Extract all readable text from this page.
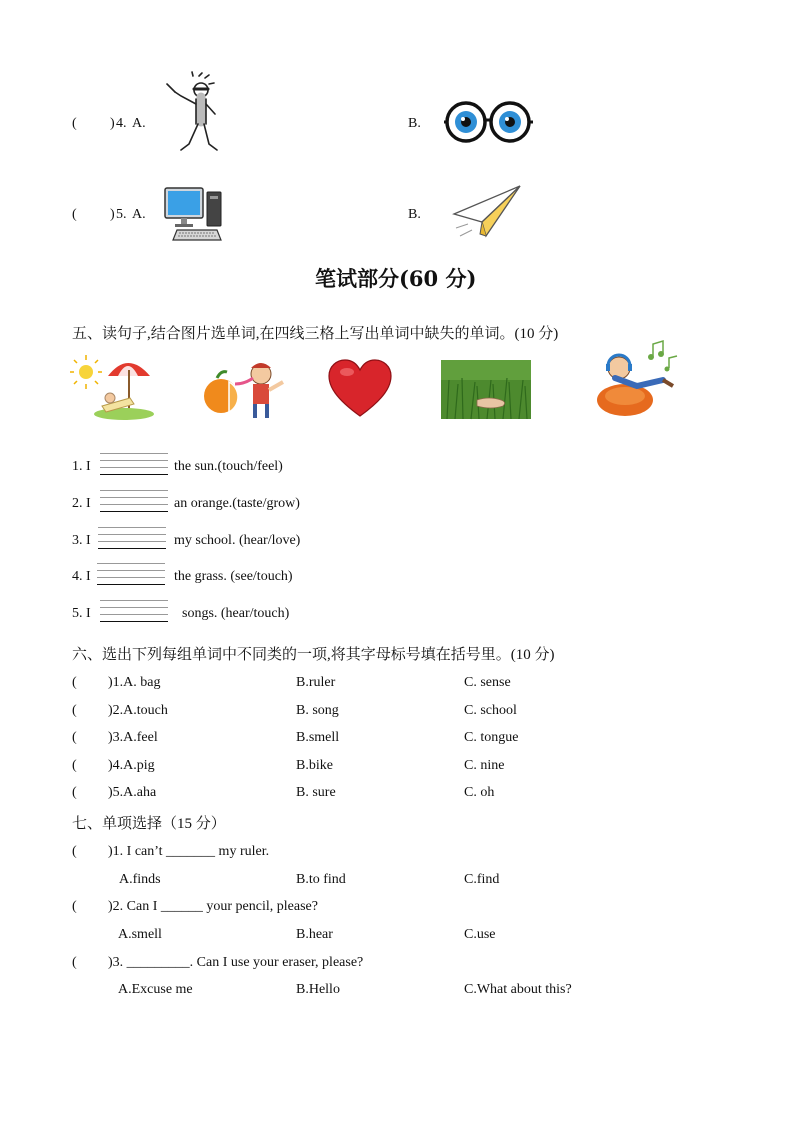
( ) 4. A.	B.
( ) 5. A.	B.
笔试部分(60 分)
五、读句子,结合图片选单词,在四线三格上写出单词中缺失的单词。(10 分)
1. I	the sun.(touch/feel)
2. I	an orange.(taste/grow)
3. I	my school. (hear/love)
4. I	the grass. (see/touch)
5. I	songs. (hear/touch)
六、选出下列每组单词中不同类的一项,将其字母标号填在括号里。(10 分)
( )1.A. bag	B.ruler	C. sense
( )2.A.touch	B. song	C. school
( )3.A.feel	B.smell	C. tongue
( )4.A.pig	B.bike	C. nine
( )5.A.aha	B. sure	C. oh
七、单项选择（15 分）
( )1. I can’t _______ my ruler.
A.finds	B.to find	C.find
( )2. Can I ______ your pencil, please?
A.smell	B.hear	C.use
( )3. _________. Can I use your eraser, please?
A.Excuse me	B.Hello	C.What about this?
